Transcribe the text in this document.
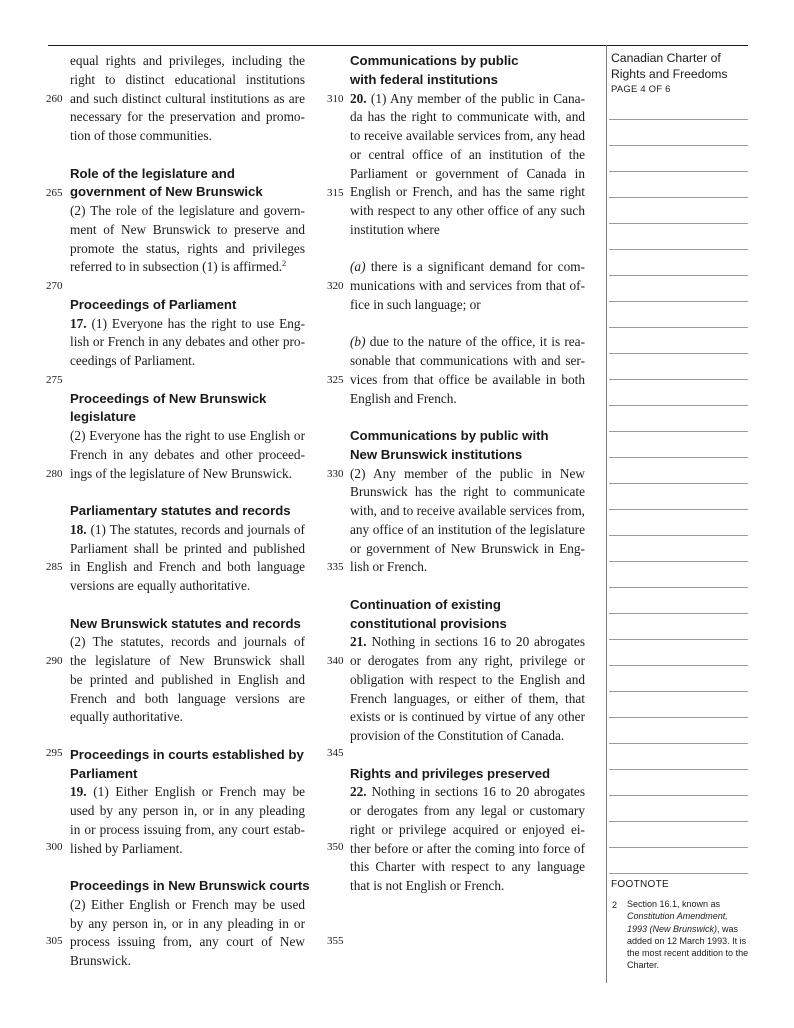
260
265
270
275
280
285
290
295
300
305
310
315
320
325
330
335
340
345
350
355
equal rights and privileges, including the
right to distinct educational institutions
and such distinct cultural institutions as are
necessary for the preservation and promo-
tion of those communities.
Role of the legislature and
government of New Brunswick
(2) The role of the legislature and govern-
ment of New Brunswick to preserve and
promote the status, rights and privileges
referred to in subsection (1) is affirmed.$^2$
Proceedings of Parliament
17. (1) Everyone has the right to use Eng-
lish or French in any debates and other pro-
ceedings of Parliament.
Proceedings of New Brunswick
legislature
(2) Everyone has the right to use English or
French in any debates and other proceed-
ings of the legislature of New Brunswick.
Parliamentary statutes and records
18. (1) The statutes, records and journals of
Parliament shall be printed and published
in English and French and both language
versions are equally authoritative.
New Brunswick statutes and records
(2) The statutes, records and journals of
the legislature of New Brunswick shall
be printed and published in English and
French and both language versions are
equally authoritative.
Proceedings in courts established by
Parliament
19. (1) Either English or French may be
used by any person in, or in any pleading
in or process issuing from, any court estab-
lished by Parliament.
Proceedings in New Brunswick courts
(2) Either English or French may be used
by any person in, or in any pleading in or
process issuing from, any court of New
Brunswick.
Communications by public
with federal institutions
20. (1) Any member of the public in Cana-
da has the right to communicate with, and
to receive available services from, any head
or central office of an institution of the
Parliament or government of Canada in
English or French, and has the same right
with respect to any other office of any such
institution where
(a) there is a significant demand for com-
munications with and services from that of-
fice in such language; or
(b) due to the nature of the office, it is rea-
sonable that communications with and ser-
vices from that office be available in both
English and French.
Communications by public with
New Brunswick institutions
(2) Any member of the public in New
Brunswick has the right to communicate
with, and to receive available services from,
any office of an institution of the legislature
or government of New Brunswick in Eng-
lish or French.
Continuation of existing
constitutional provisions
21. Nothing in sections 16 to 20 abrogates
or derogates from any right, privilege or
obligation with respect to the English and
French languages, or either of them, that
exists or is continued by virtue of any other
provision of the Constitution of Canada.
Rights and privileges preserved
22. Nothing in sections 16 to 20 abrogates
or derogates from any legal or customary
right or privilege acquired or enjoyed ei-
ther before or after the coming into force of
this Charter with respect to any language
that is not English or French.
Canadian Charter of
Rights and Freedoms
PAGE 4 OF 6
FOOTNOTE
2 Section 16.1, known as Constitution Amendment, 1993 (New Brunswick), was added on 12 March 1993. It is the most recent addition to the Charter.
